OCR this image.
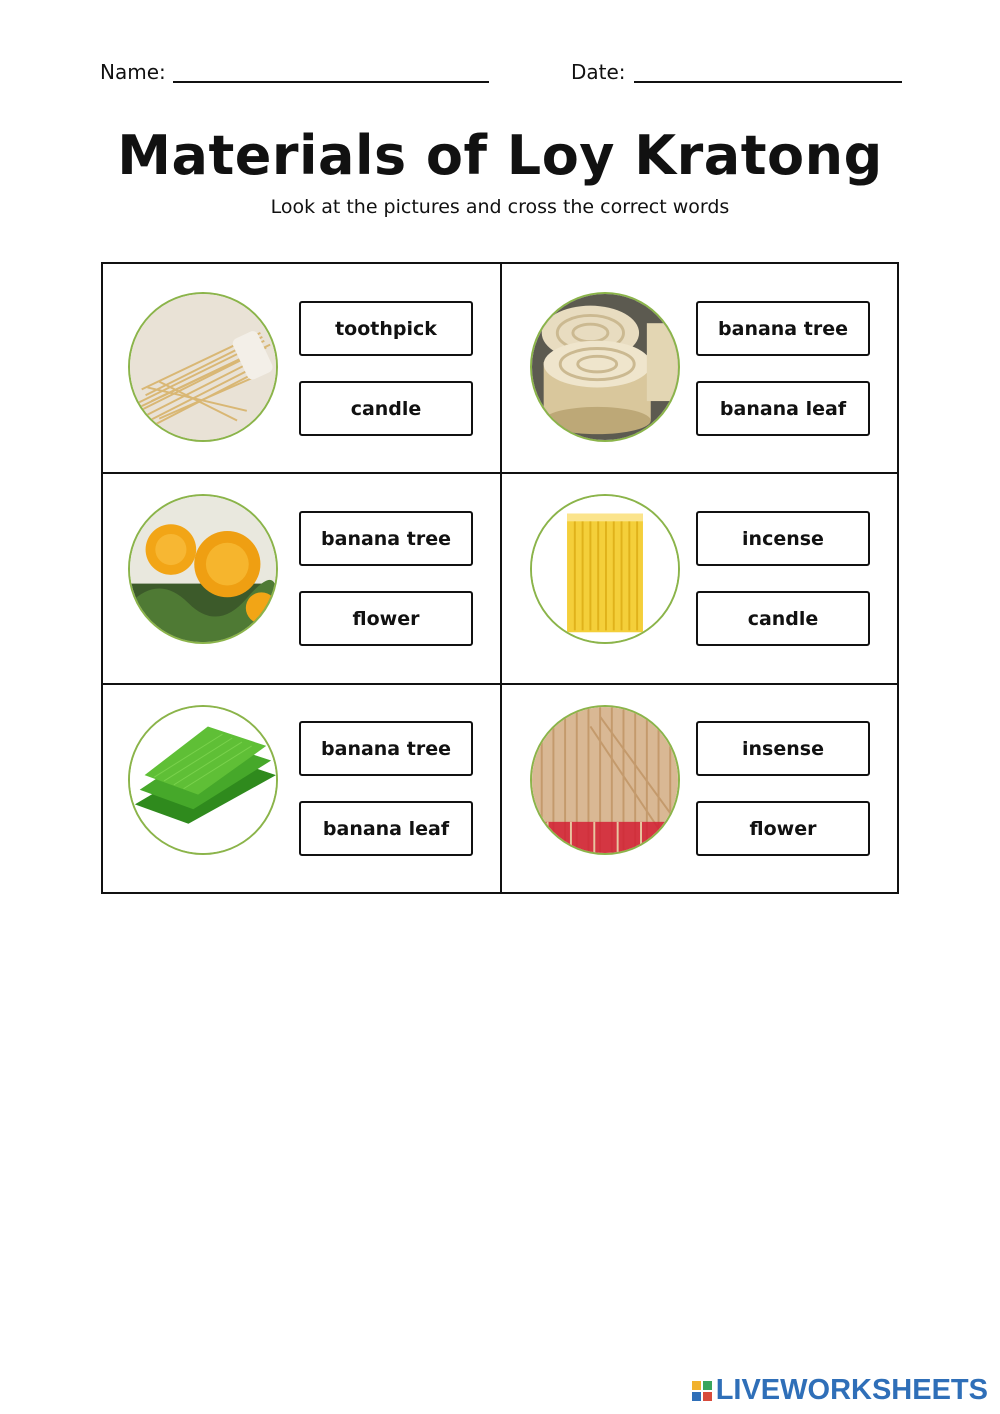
Name:	Date:
Materials of Loy Kratong
Look at the pictures and cross the correct words
toothpick
candle
banana tree
banana leaf
banana tree
flower
incense
candle
banana tree
banana leaf
insense
flower
LIVEWORKSHEETS
